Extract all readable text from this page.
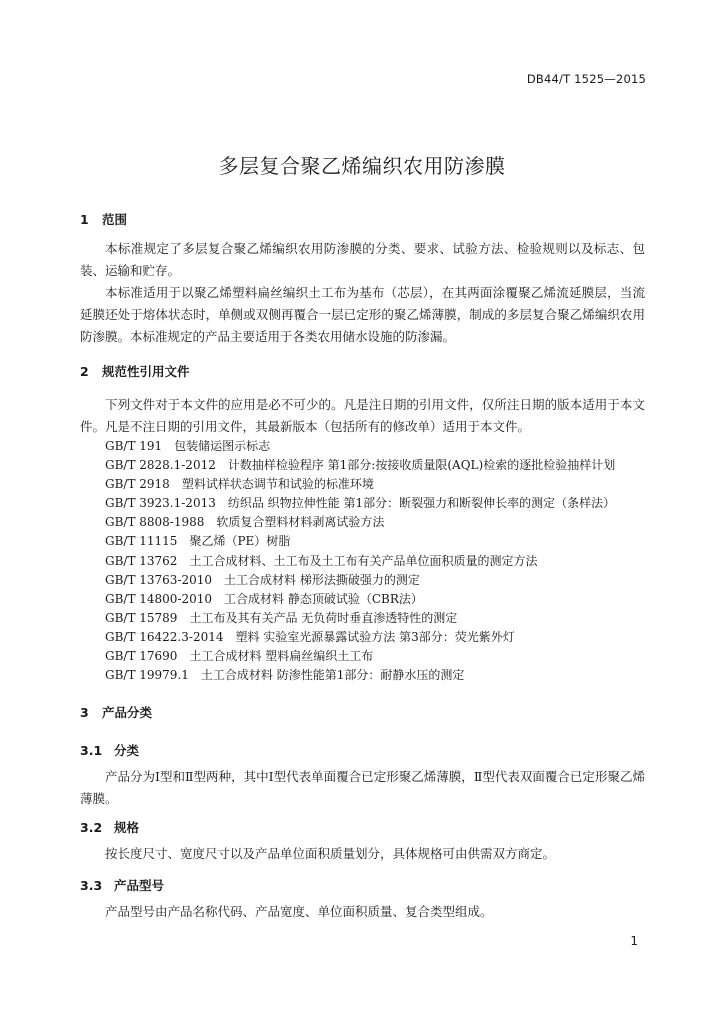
DB44/T 1525—2015
多层复合聚乙烯编织农用防渗膜
1 范围
本标准规定了多层复合聚乙烯编织农用防渗膜的分类、要求、试验方法、检验规则以及标志、包装、运输和贮存。
本标准适用于以聚乙烯塑料扁丝编织土工布为基布（芯层），在其两面涂覆聚乙烯流延膜层，当流延膜还处于熔体状态时，单侧或双侧再覆合一层已定形的聚乙烯薄膜，制成的多层复合聚乙烯编织农用防渗膜。本标准规定的产品主要适用于各类农用储水设施的防渗漏。
2 规范性引用文件
下列文件对于本文件的应用是必不可少的。凡是注日期的引用文件，仅所注日期的版本适用于本文件。凡是不注日期的引用文件，其最新版本（包括所有的修改单）适用于本文件。
GB/T 191 包装储运图示标志
GB/T 2828.1-2012 计数抽样检验程序 第1部分:按接收质量限(AQL)检索的逐批检验抽样计划
GB/T 2918 塑料试样状态调节和试验的标准环境
GB/T 3923.1-2013 纺织品 织物拉伸性能 第1部分：断裂强力和断裂伸长率的测定（条样法）
GB/T 8808-1988 软质复合塑料材料剥离试验方法
GB/T 11115 聚乙烯（PE）树脂
GB/T 13762 土工合成材料、土工布及土工布有关产品单位面积质量的测定方法
GB/T 13763-2010 土工合成材料 梯形法撕破强力的测定
GB/T 14800-2010 工合成材料 静态顶破试验（CBR法）
GB/T 15789 土工布及其有关产品 无负荷时垂直渗透特性的测定
GB/T 16422.3-2014 塑料 实验室光源暴露试验方法 第3部分：荧光紫外灯
GB/T 17690 土工合成材料 塑料扁丝编织土工布
GB/T 19979.1 土工合成材料 防渗性能第1部分：耐静水压的测定
3 产品分类
3.1 分类
产品分为Ⅰ型和Ⅱ型两种，其中Ⅰ型代表单面覆合已定形聚乙烯薄膜，Ⅱ型代表双面覆合已定形聚乙烯薄膜。
3.2 规格
按长度尺寸、宽度尺寸以及产品单位面积质量划分，具体规格可由供需双方商定。
3.3 产品型号
产品型号由产品名称代码、产品宽度、单位面积质量、复合类型组成。
1
